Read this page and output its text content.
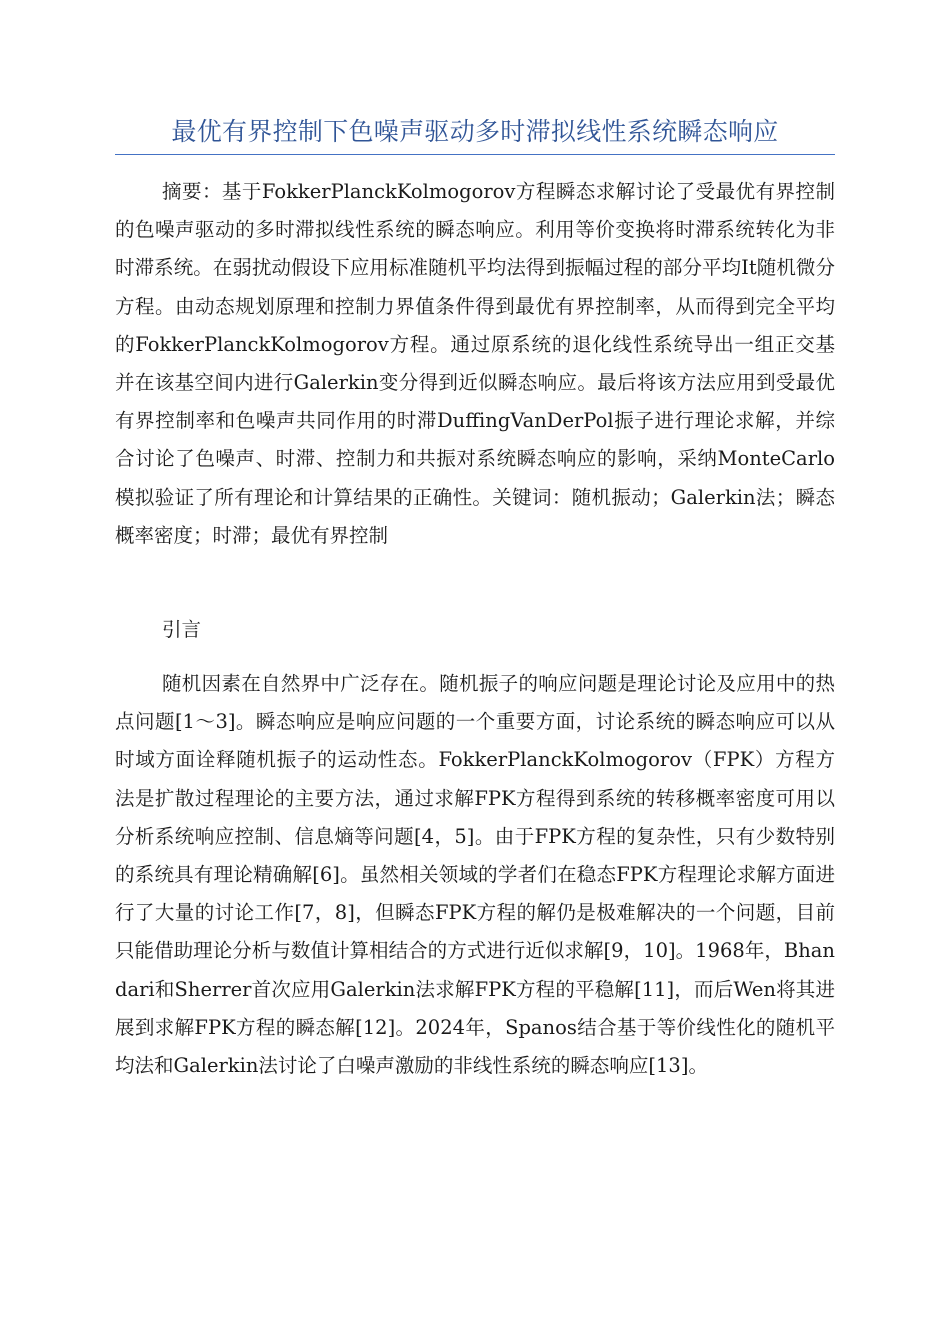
最优有界控制下色噪声驱动多时滞拟线性系统瞬态响应

摘要：基于FokkerPlanckKolmogorov方程瞬态求解讨论了受最优有界控制的色噪声驱动的多时滞拟线性系统的瞬态响应。利用等价变换将时滞系统转化为非时滞系统。在弱扰动假设下应用标准随机平均法得到振幅过程的部分平均It随机微分方程。由动态规划原理和控制力界值条件得到最优有界控制率，从而得到完全平均的FokkerPlanckKolmogorov方程。通过原系统的退化线性系统导出一组正交基并在该基空间内进行Galerkin变分得到近似瞬态响应。最后将该方法应用到受最优有界控制率和色噪声共同作用的时滞DuffingVanDerPol振子进行理论求解，并综合讨论了色噪声、时滞、控制力和共振对系统瞬态响应的影响，采纳MonteCarlo模拟验证了所有理论和计算结果的正确性。关键词：随机振动；Galerkin法；瞬态概率密度；时滞；最优有界控制

引言

随机因素在自然界中广泛存在。随机振子的响应问题是理论讨论及应用中的热点问题[1～3]。瞬态响应是响应问题的一个重要方面，讨论系统的瞬态响应可以从时域方面诠释随机振子的运动性态。FokkerPlanckKolmogorov（FPK）方程方法是扩散过程理论的主要方法，通过求解FPK方程得到系统的转移概率密度可用以分析系统响应控制、信息熵等问题[4，5]。由于FPK方程的复杂性，只有少数特别的系统具有理论精确解[6]。虽然相关领域的学者们在稳态FPK方程理论求解方面进行了大量的讨论工作[7，8]，但瞬态FPK方程的解仍是极难解决的一个问题，目前只能借助理论分析与数值计算相结合的方式进行近似求解[9，10]。1968年，Bhandari和Sherrer首次应用Galerkin法求解FPK方程的平稳解[11]，而后Wen将其进展到求解FPK方程的瞬态解[12]。2024年，Spanos结合基于等价线性化的随机平均法和Galerkin法讨论了白噪声激励的非线性系统的瞬态响应[13]。
